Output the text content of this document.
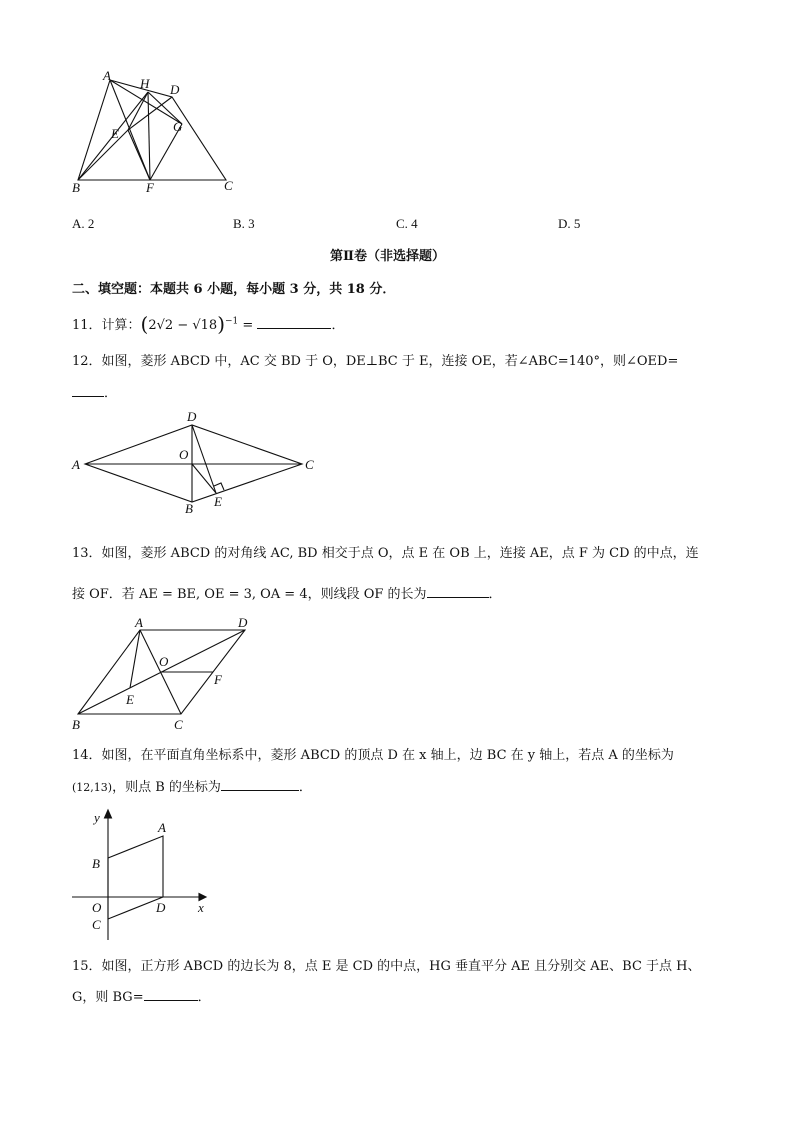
A
H D
E	G
B	F	C
A. 2	B. 3	C. 4	D. 5
第Ⅱ卷（非选择题）
二、填空题：本题共 6 小题，每小题 3 分，共 18 分．
11．计算：$(2√2 - √18)^{-1}$ =	．
12．如图，菱形 ABCD 中，AC 交 BD 于 O，DE⊥BC 于 E，连接 OE，若∠ABC=140°，则∠OED=
．
D
O
A	C
B E
13．如图，菱形 ABCD 的对角线 AC, BD 相交于点 O，点 E 在 OB 上，连接 AE，点 F 为 CD 的中点，连
接 OF．若 AE = BE, OE = 3, OA = 4，则线段 OF 的长为	．
A	D
O
F
E
B	C
14．如图，在平面直角坐标系中，菱形 ABCD 的顶点 D 在 x 轴上，边 BC 在 y 轴上，若点 A 的坐标为
(12,13)，则点 B 的坐标为	．
y
x
A
B
O	D
C
15．如图，正方形 ABCD 的边长为 8，点 E 是 CD 的中点，HG 垂直平分 AE 且分别交 AE、BC 于点 H、
G，则 BG=	．
